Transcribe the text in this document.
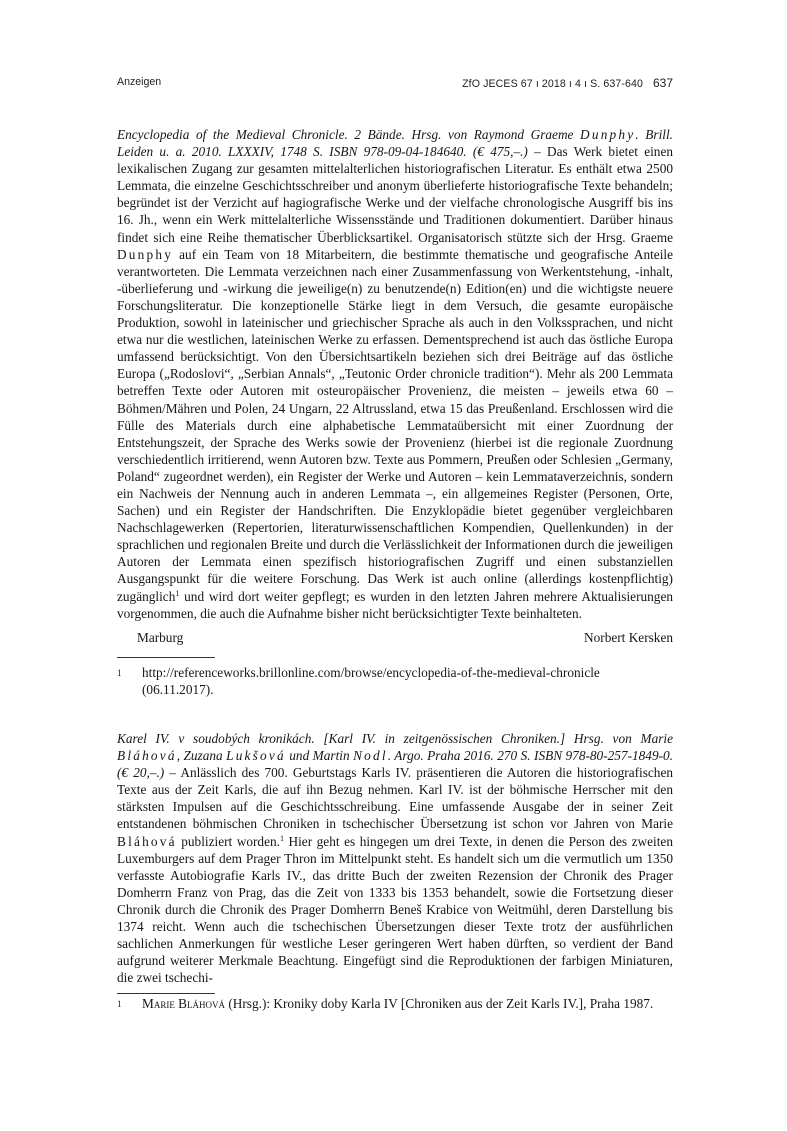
Anzeigen	ZfO JECES 67 ı 2018 ı 4 ı S. 637-640 637

Encyclopedia of the Medieval Chronicle. 2 Bände. Hrsg. von Raymond Graeme Dunphy. Brill. Leiden u. a. 2010. LXXXIV, 1748 S. ISBN 978-09-04-184640. (€ 475,–.) – Das Werk bietet einen lexikalischen Zugang zur gesamten mittelalterlichen historiografischen Literatur. Es enthält etwa 2500 Lemmata, die einzelne Geschichtsschreiber und anonym überlieferte historiografische Texte behandeln; begründet ist der Verzicht auf hagiografische Werke und der vielfache chronologische Ausgriff bis ins 16. Jh., wenn ein Werk mittelalterliche Wissensstände und Traditionen dokumentiert. Darüber hinaus findet sich eine Reihe thematischer Überblicksartikel. Organisatorisch stützte sich der Hrsg. Graeme Dunphy auf ein Team von 18 Mitarbeitern, die bestimmte thematische und geografische Anteile verantworteten. Die Lemmata verzeichnen nach einer Zusammenfassung von Werkentstehung, -inhalt, -überlieferung und -wirkung die jeweilige(n) zu benutzende(n) Edition(en) und die wichtigste neuere Forschungsliteratur. Die konzeptionelle Stärke liegt in dem Versuch, die gesamte europäische Produktion, sowohl in lateinischer und griechischer Sprache als auch in den Volkssprachen, und nicht etwa nur die westlichen, lateinischen Werke zu erfassen. Dementsprechend ist auch das östliche Europa umfassend berücksichtigt. Von den Übersichtsartikeln beziehen sich drei Beiträge auf das östliche Europa („Rodoslovi“, „Serbian Annals“, „Teutonic Order chronicle tradition“). Mehr als 200 Lemmata betreffen Texte oder Autoren mit osteuropäischer Provenienz, die meisten – jeweils etwa 60 – Böhmen/Mähren und Polen, 24 Ungarn, 22 Altrussland, etwa 15 das Preußenland. Erschlossen wird die Fülle des Materials durch eine alphabetische Lemmataübersicht mit einer Zuordnung der Entstehungszeit, der Sprache des Werks sowie der Provenienz (hierbei ist die regionale Zuordnung verschiedentlich irritierend, wenn Autoren bzw. Texte aus Pommern, Preußen oder Schlesien „Germany, Poland“ zugeordnet werden), ein Register der Werke und Autoren – kein Lemmataverzeichnis, sondern ein Nachweis der Nennung auch in anderen Lemmata –, ein allgemeines Register (Personen, Orte, Sachen) und ein Register der Handschriften. Die Enzyklopädie bietet gegenüber vergleichbaren Nachschlagewerken (Repertorien, literaturwissenschaftlichen Kompendien, Quellenkunden) in der sprachlichen und regionalen Breite und durch die Verlässlichkeit der Informationen durch die jeweiligen Autoren der Lemmata einen spezifisch historiografischen Zugriff und einen substanziellen Ausgangspunkt für die weitere Forschung. Das Werk ist auch online (allerdings kostenpflichtig) zugänglich$^1$ und wird dort weiter gepflegt; es wurden in den letzten Jahren mehrere Aktualisierungen vorgenommen, die auch die Aufnahme bisher nicht berücksichtigter Texte beinhalteten.

Marburg	Norbert Kersken
1 http://referenceworks.brillonline.com/browse/encyclopedia-of-the-medieval-chronicle (06.11.2017).

Karel IV. v soudobých kronikách. [Karl IV. in zeitgenössischen Chroniken.] Hrsg. von Marie Bláhová, Zuzana Lukšová und Martin Nodl. Argo. Praha 2016. 270 S. ISBN 978-80-257-1849-0. (€ 20,–.) – Anlässlich des 700. Geburtstags Karls IV. präsentieren die Autoren die historiografischen Texte aus der Zeit Karls, die auf ihn Bezug nehmen. Karl IV. ist der böhmische Herrscher mit den stärksten Impulsen auf die Geschichtsschreibung. Eine umfassende Ausgabe der in seiner Zeit entstandenen böhmischen Chroniken in tschechischer Übersetzung ist schon vor Jahren von Marie Bláhová publiziert worden.$^1$ Hier geht es hingegen um drei Texte, in denen die Person des zweiten Luxemburgers auf dem Prager Thron im Mittelpunkt steht. Es handelt sich um die vermutlich um 1350 verfasste Autobiografie Karls IV., das dritte Buch der zweiten Rezension der Chronik des Prager Domherrn Franz von Prag, das die Zeit von 1333 bis 1353 behandelt, sowie die Fortsetzung dieser Chronik durch die Chronik des Prager Domherrn Beneš Krabice von Weitmühl, deren Darstellung bis 1374 reicht. Wenn auch die tschechischen Übersetzungen dieser Texte trotz der ausführlichen sachlichen Anmerkungen für westliche Leser geringeren Wert haben dürften, so verdient der Band aufgrund weiterer Merkmale Beachtung. Eingefügt sind die Reproduktionen der farbigen Miniaturen, die zwei tschechi-

1 Marie Bláhová (Hrsg.): Kroniky doby Karla IV [Chroniken aus der Zeit Karls IV.], Praha 1987.
